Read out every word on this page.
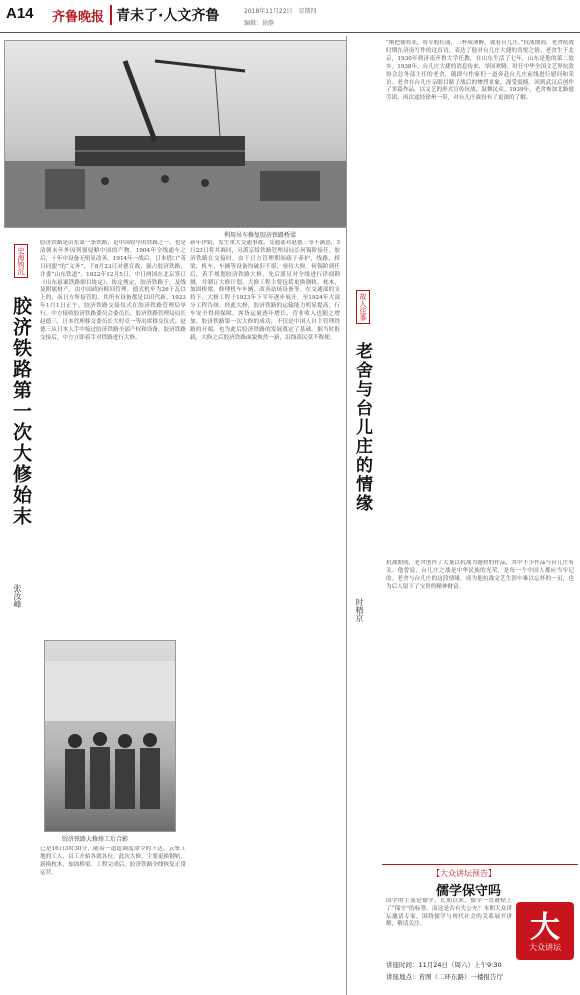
A14 齐鲁晚报 青未了·人文齐鲁	2018年11月22日　星期四
编辑：徐静
利用吊车修复胶济铁路桥梁
史海钩沉
胶济铁路第一次大修始末
张汝峰
胶济铁路是山东第一条铁路，是中国较早的铁路之一，也是清朝末年外国列强侵略中国的产物。1904年全线通车之后，十年中设备无明显改善。1914年一战后，日本借口“英日同盟”的“义务”，于8月23日对德宣战，强占胶济铁路，并委“山东铁道”。1922年12月5日，中日两国在北京签订《山东悬案铁路细目协定》，协定规定，胶济铁路于，及线及附属财产，由中国政府赎回管理。德式机车为26千瓦以上的，而日方所接管的，其所有设备都是以旧代新。1923年1月1日正午，胶济铁路交接仪式在胶济铁路管理局举行。中方接收胶济铁路委员会委员长、胶济铁路管理局局长赵德三，日本代理移交委员长大村卓一等出席移交仪式。赵德三从日本人手中接过胶济铁路全部产权和设备。胶济铁路交接后，中方立即着手对铁路进行大修。
新年伊始，发生重大交通事故。交通部对赵德三等不满意，3月23日将其调回，另派京绥铁路管理局局长何锡阶接任。胶济铁路在交接时，由于日方管理期间疏于养护，线路、桥梁、机车、车辆等设备均破旧不堪，亟待大修。何锡阶到任后，着手规划胶济铁路大修，先后派员对全线进行详细勘测，并制订大修计划。大修工程主要包括更换钢轨、枕木，加固桥梁，修理机车车辆，改善站场设备等。在交通部的支持下，大修工程于1923年下半年逐步展开，至1924年大部分工程告竣。经此大修，胶济铁路的运输能力明显提高，行车安全得到保障，客货运量逐年增长，营业收入也随之增加。胶济铁路第一次大修的成功，不仅是中国人自主管理铁路的开端，也为此后胶济铁路的发展奠定了基础。据当时报载，大修之后胶济铁路面貌焕然一新，沿线商民莫不称便。
胶济铁路大修竣工后合影
已是16日3时30分，随着一道道调度命令的下达，云集工地的工人、员工开始各就各位。此次大修，主要更换钢轨，新换枕木，加固桥梁。工程完成后，胶济铁路全线恢复正常运营。
故人往事
老舍与台儿庄的情缘
时精京
“刚把儒将米，将军般壮丽，三杯成薄醉，就看台儿庄。”抗战期间，老舍抗战时期在济南写作的这首诗，表达了他对台儿庄大捷的喜悦之情。老舍生于北京，1930年到济南齐鲁大学任教，在山东生活了七年，山东是他的第二故乡。1938年，台儿庄大捷的消息传来，举国欢腾。时任中华全国文艺界抗敌协会总务部主任的老舍，随即与作家们一道奔赴台儿庄前线进行慰问和采访。老舍在台儿庄亲眼目睹了战后的惨烈景象，深受震撼，回到武汉后创作了多篇作品，以文艺的形式宣传抗战，鼓舞民众。1939年，老舍参加北路慰劳团，再次途经徐州一带，对台儿庄战役有了更深的了解。
抗战期间，老舍创作了大量以抗战为题材的作品，其中不少作品与台儿庄有关。他曾说，台儿庄之战是中华民族的光荣，是每一个中国人都应当牢记的。老舍与台儿庄的这段情缘，成为他抗战文艺生涯中难以忘怀的一页，也为后人留下了宝贵的精神财富。
【大众讲坛预告】
儒学保守吗
国学的主流是儒学。长期以来，儒学一直被贴上了“保守”的标签，而这是否有失公允？本期大众讲坛邀请专家，围绕儒学与现代社会的关系展开讲解，敬请关注。
讲座时间：11月24日（周六）上午9:30
讲座地点：省图（二环东路）一楼报告厅
大
大众讲坛
